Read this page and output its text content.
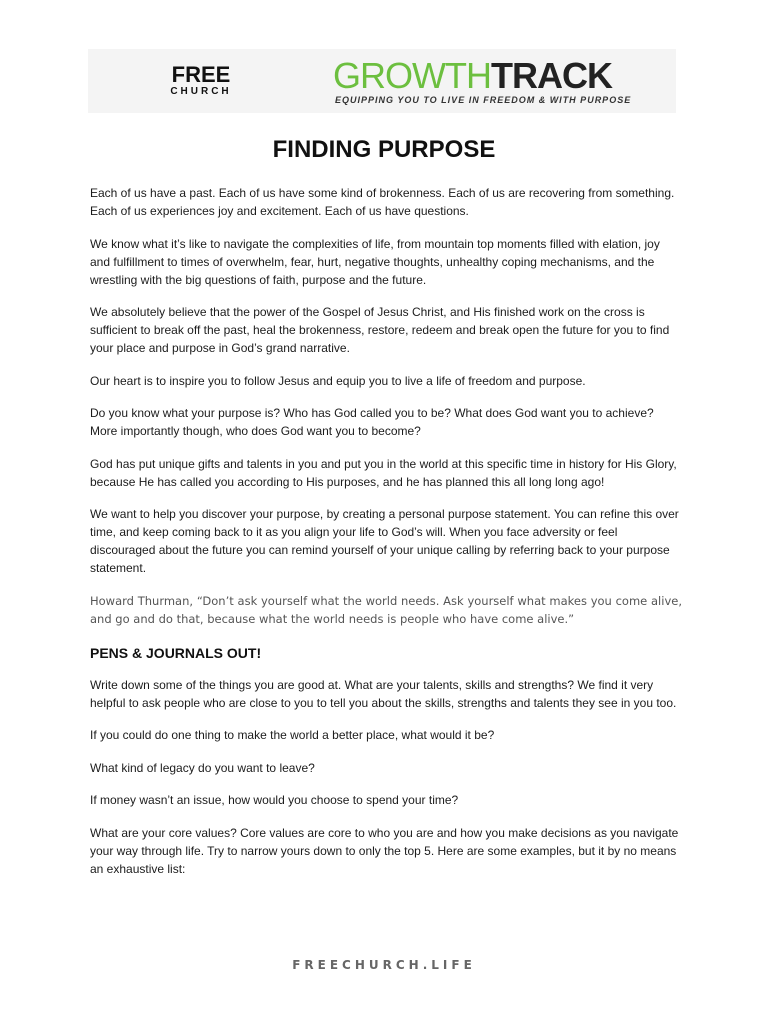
FREE
CHURCH	GROWTHTRACK
EQUIPPING YOU TO LIVE IN FREEDOM & WITH PURPOSE
FINDING PURPOSE

Each of us have a past. Each of us have some kind of brokenness. Each of us are recovering from something. Each of us experiences joy and excitement. Each of us have questions.

We know what it’s like to navigate the complexities of life, from mountain top moments filled with elation, joy and fulfillment to times of overwhelm, fear, hurt, negative thoughts, unhealthy coping mechanisms, and the wrestling with the big questions of faith, purpose and the future.

We absolutely believe that the power of the Gospel of Jesus Christ, and His finished work on the cross is sufficient to break off the past, heal the brokenness, restore, redeem and break open the future for you to find your place and purpose in God’s grand narrative.

Our heart is to inspire you to follow Jesus and equip you to live a life of freedom and purpose.

Do you know what your purpose is? Who has God called you to be? What does God want you to achieve? More importantly though, who does God want you to become?

God has put unique gifts and talents in you and put you in the world at this specific time in history for His Glory, because He has called you according to His purposes, and he has planned this all long long ago!

We want to help you discover your purpose, by creating a personal purpose statement. You can refine this over time, and keep coming back to it as you align your life to God’s will. When you face adversity or feel discouraged about the future you can remind yourself of your unique calling by referring back to your purpose statement.

Howard Thurman, “Don’t ask yourself what the world needs. Ask yourself what makes you come alive, and go and do that, because what the world needs is people who have come alive.”

PENS & JOURNALS OUT!

Write down some of the things you are good at. What are your talents, skills and strengths? We find it very helpful to ask people who are close to you to tell you about the skills, strengths and talents they see in you too.

If you could do one thing to make the world a better place, what would it be?

What kind of legacy do you want to leave?

If money wasn’t an issue, how would you choose to spend your time?

What are your core values? Core values are core to who you are and how you make decisions as you navigate your way through life. Try to narrow yours down to only the top 5. Here are some examples, but it by no means an exhaustive list:

FREECHURCH.LIFE
